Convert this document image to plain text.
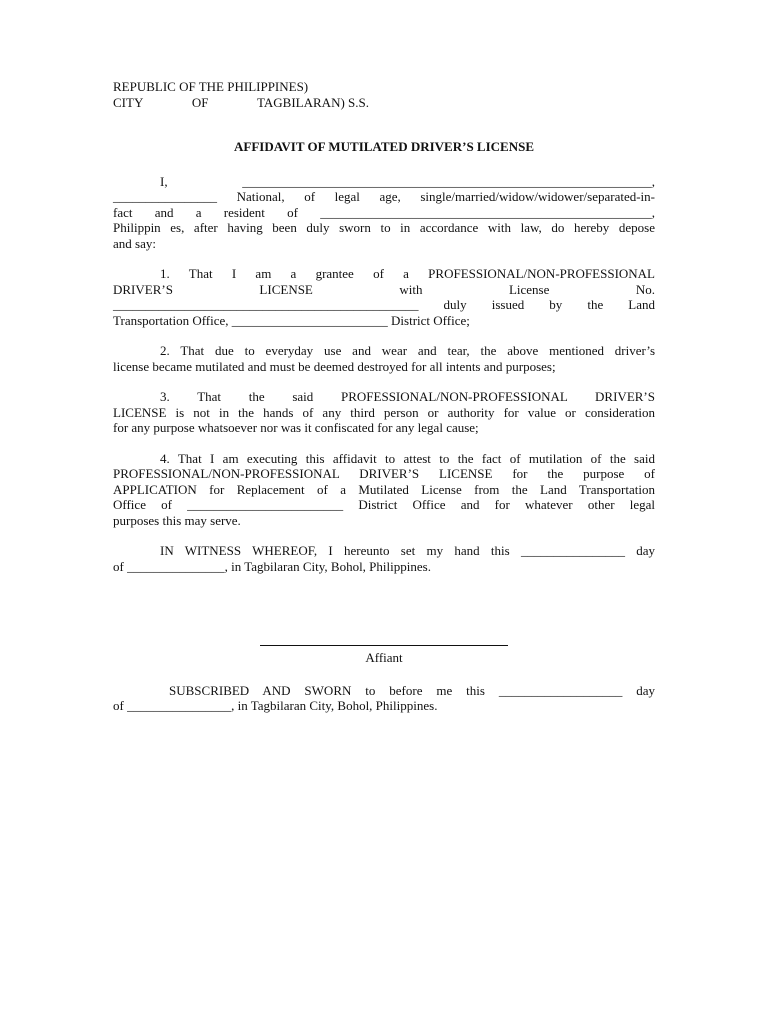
REPUBLIC OF THE PHILIPPINES)

CITY	OF	TAGBILARAN) S.S.
AFFIDAVIT OF MUTILATED DRIVER’S LICENSE

I, _______________________________________________________________,

________________ National, of legal age, single/married/widow/widower/separated-in-

fact and a resident of ___________________________________________________,

Philippin es, after having been duly sworn to in accordance with law, do hereby depose

and say:

1. That I am a grantee of a PROFESSIONAL/NON-PROFESSIONAL

DRIVER’S LICENSE with License No.

_______________________________________________ duly issued by the Land

Transportation Office, ________________________ District Office;

2. That due to everyday use and wear and tear, the above mentioned driver’s

license became mutilated and must be deemed destroyed for all intents and purposes;

3. That the said PROFESSIONAL/NON-PROFESSIONAL DRIVER’S

LICENSE is not in the hands of any third person or authority for value or consideration

for any purpose whatsoever nor was it confiscated for any legal cause;

4. That I am executing this affidavit to attest to the fact of mutilation of the said

PROFESSIONAL/NON-PROFESSIONAL DRIVER’S LICENSE for the purpose of

APPLICATION for Replacement of a Mutilated License from the Land Transportation

Office of ________________________ District Office and for whatever other legal

purposes this may serve.

IN WITNESS WHEREOF, I hereunto set my hand this ________________ day

of _______________, in Tagbilaran City, Bohol, Philippines.

Affiant

SUBSCRIBED AND SWORN to before me this ___________________ day

of ________________, in Tagbilaran City, Bohol, Philippines.
